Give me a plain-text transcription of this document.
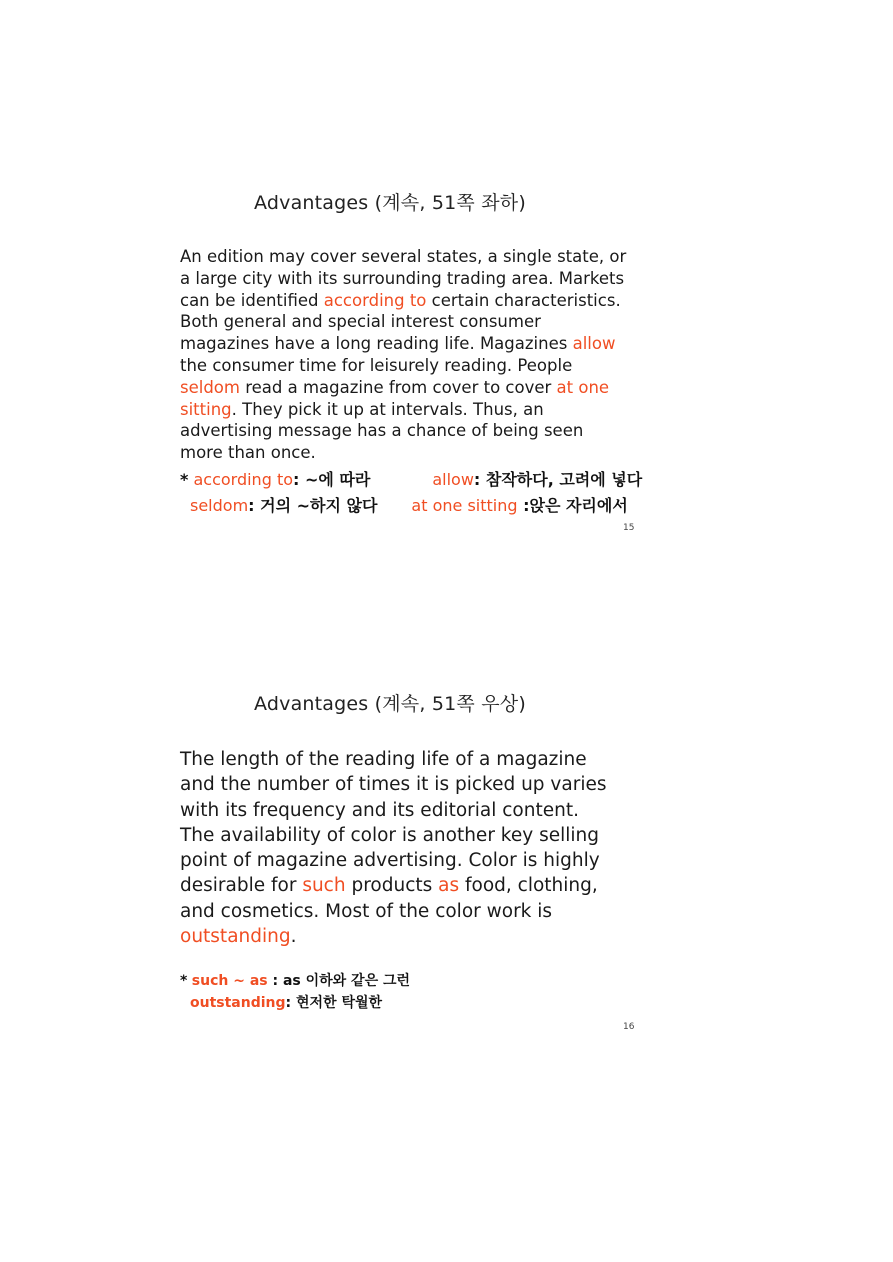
Advantages (계속, 51쪽 좌하)
An edition may cover several states, a single state, or
a large city with its surrounding trading area. Markets
can be identified according to certain characteristics.
Both general and special interest consumer
magazines have a long reading life. Magazines allow
the consumer time for leisurely reading. People
seldom read a magazine from cover to cover at one
sitting. They pick it up at intervals. Thus, an
advertising message has a chance of being seen
more than once.
* according to: ~에 따라	allow: 참작하다, 고려에 넣다
seldom: 거의 ~하지 않다 at one sitting :앉은 자리에서
15
Advantages (계속, 51쪽 우상)
The length of the reading life of a magazine
and the number of times it is picked up varies
with its frequency and its editorial content.
The availability of color is another key selling
point of magazine advertising. Color is highly
desirable for such products as food, clothing,
and cosmetics. Most of the color work is
outstanding.
* such ~ as : as 이하와 같은 그런
outstanding: 현저한 탁월한
16
